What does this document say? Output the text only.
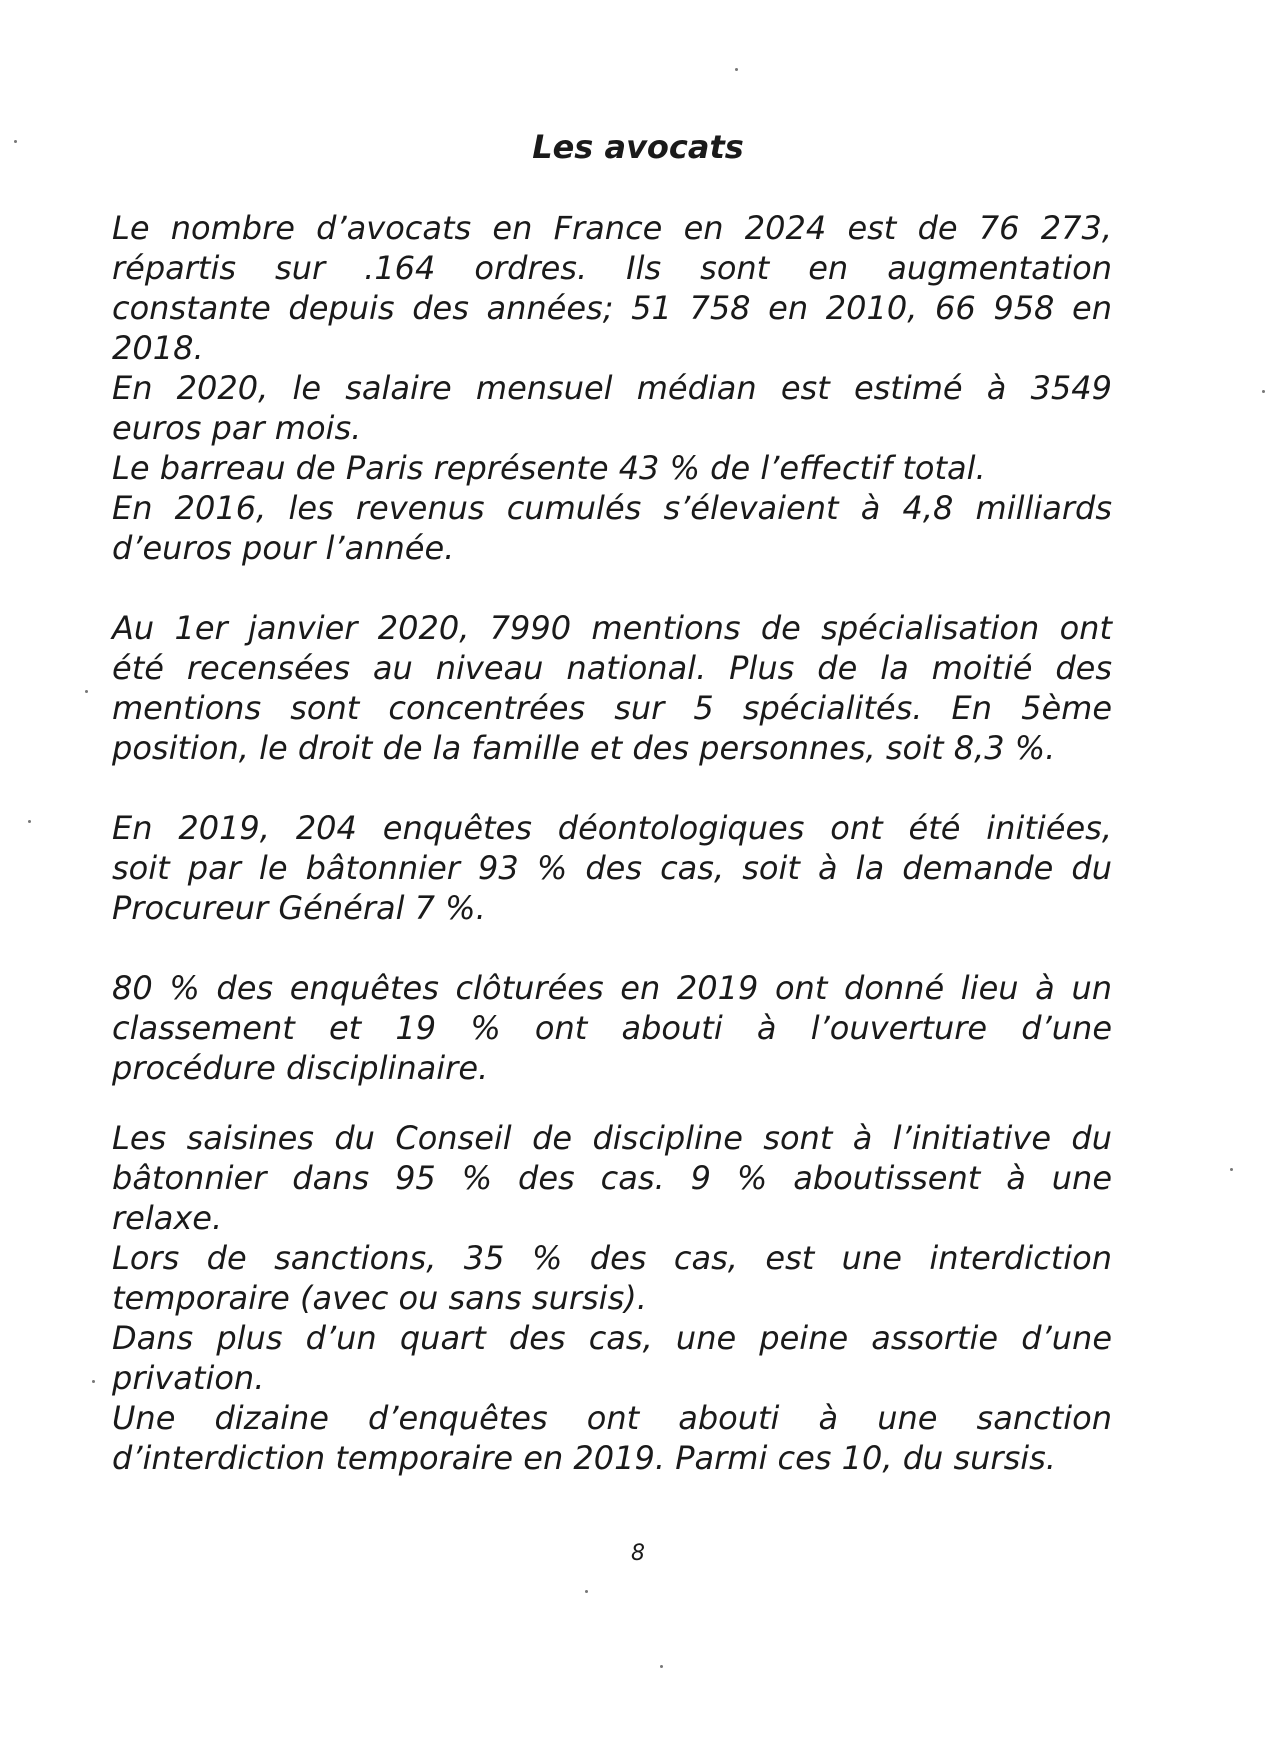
Les avocats

Le nombre d’avocats en France en 2024 est de 76 273,
répartis sur .164 ordres. Ils sont en augmentation
constante depuis des années; 51 758 en 2010, 66 958 en
2018.

En 2020, le salaire mensuel médian est estimé à 3549
euros par mois.

Le barreau de Paris représente 43 % de l’effectif total.

En 2016, les revenus cumulés s’élevaient à 4,8 milliards
d’euros pour l’année.

Au 1er janvier 2020, 7990 mentions de spécialisation ont
été recensées au niveau national. Plus de la moitié des
mentions sont concentrées sur 5 spécialités. En 5ème
position, le droit de la famille et des personnes, soit 8,3 %.

En 2019, 204 enquêtes déontologiques ont été initiées,
soit par le bâtonnier 93 % des cas, soit à la demande du
Procureur Général 7 %.

80 % des enquêtes clôturées en 2019 ont donné lieu à un
classement et 19 % ont abouti à l’ouverture d’une
procédure disciplinaire.

Les saisines du Conseil de discipline sont à l’initiative du
bâtonnier dans 95 % des cas. 9 % aboutissent à une
relaxe.

Lors de sanctions, 35 % des cas, est une interdiction
temporaire (avec ou sans sursis).

Dans plus d’un quart des cas, une peine assortie d’une
privation.

Une dizaine d’enquêtes ont abouti à une sanction
d’interdiction temporaire en 2019. Parmi ces 10, du sursis.

8
